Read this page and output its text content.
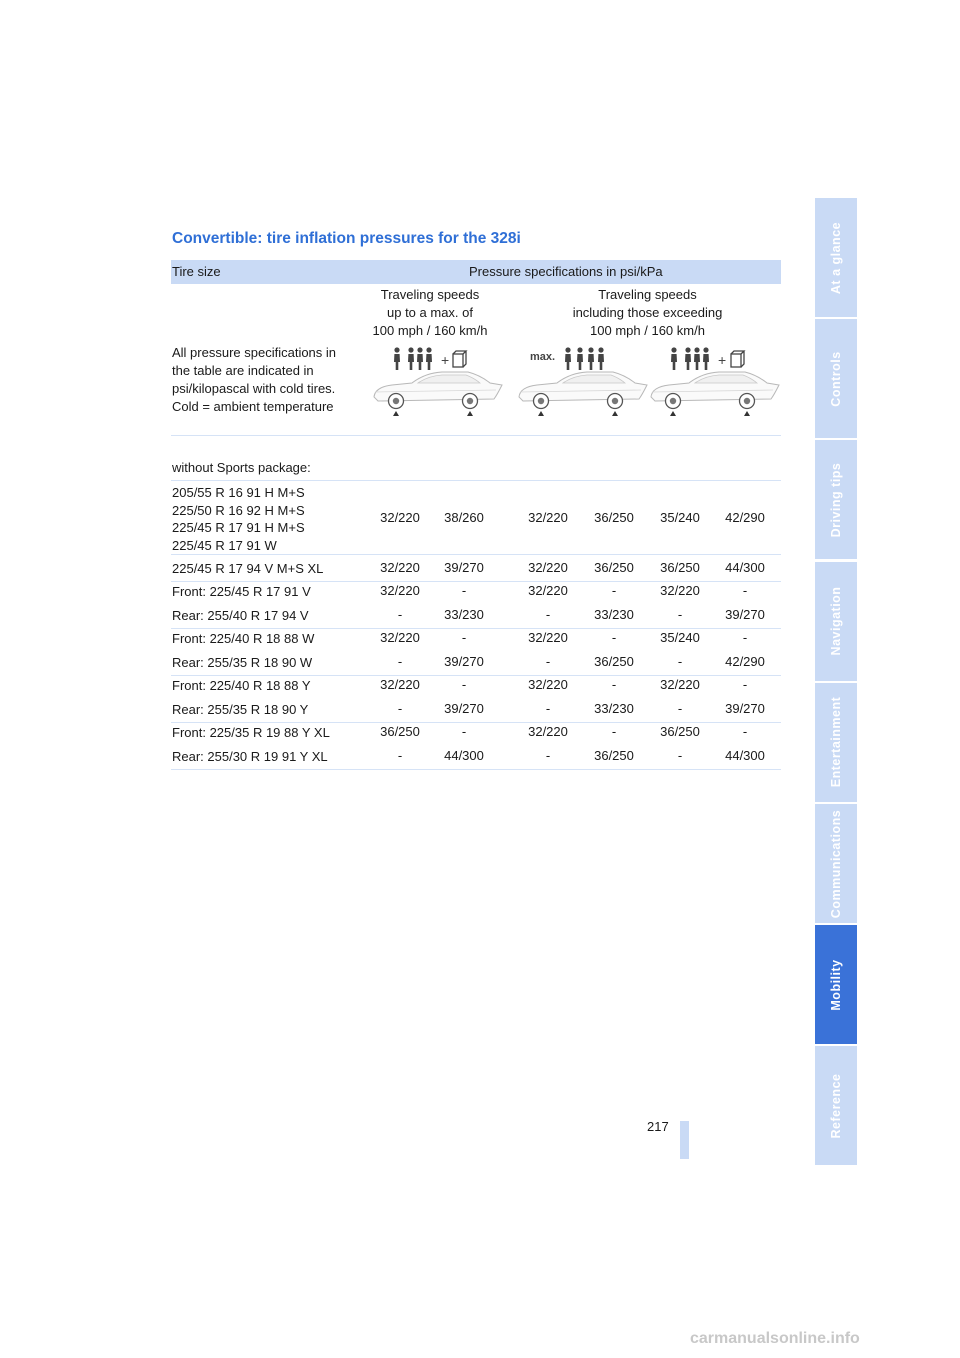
Convertible: tire inflation pressures for the 328i
Tire size	Pressure specifications in psi/kPa
Traveling speeds
up to a max. of
100 mph / 160 km/h
Traveling speeds
including those exceeding
100 mph / 160 km/h
All pressure specifications in the table are indicated in psi/kilopascal with cold tires. Cold = ambient temperature
+	max.	+
without Sports package:
205/55 R 16 91 H M+S
225/50 R 16 92 H M+S
225/45 R 17 91 H M+S
225/45 R 17 91 W
32/220	38/260	32/220	36/250	35/240	42/290
225/45 R 17 94 V M+S XL	32/220	39/270	32/220	36/250	36/250	44/300
Front: 225/45 R 17 91 V	32/220	-	32/220	-	32/220	-
Rear: 255/40 R 17 94 V	-	33/230	-	33/230	-	39/270
Front: 225/40 R 18 88 W	32/220	-	32/220	-	35/240	-
Rear: 255/35 R 18 90 W	-	39/270	-	36/250	-	42/290
Front: 225/40 R 18 88 Y	32/220	-	32/220	-	32/220	-
Rear: 255/35 R 18 90 Y	-	39/270	-	33/230	-	39/270
Front: 225/35 R 19 88 Y XL	36/250	-	32/220	-	36/250	-
Rear: 255/30 R 19 91 Y XL	-	44/300	-	36/250	-	44/300
At a glance
Controls
Driving tips
Navigation
Entertainment
Communications
Mobility
Reference
217
carmanualsonline.info
